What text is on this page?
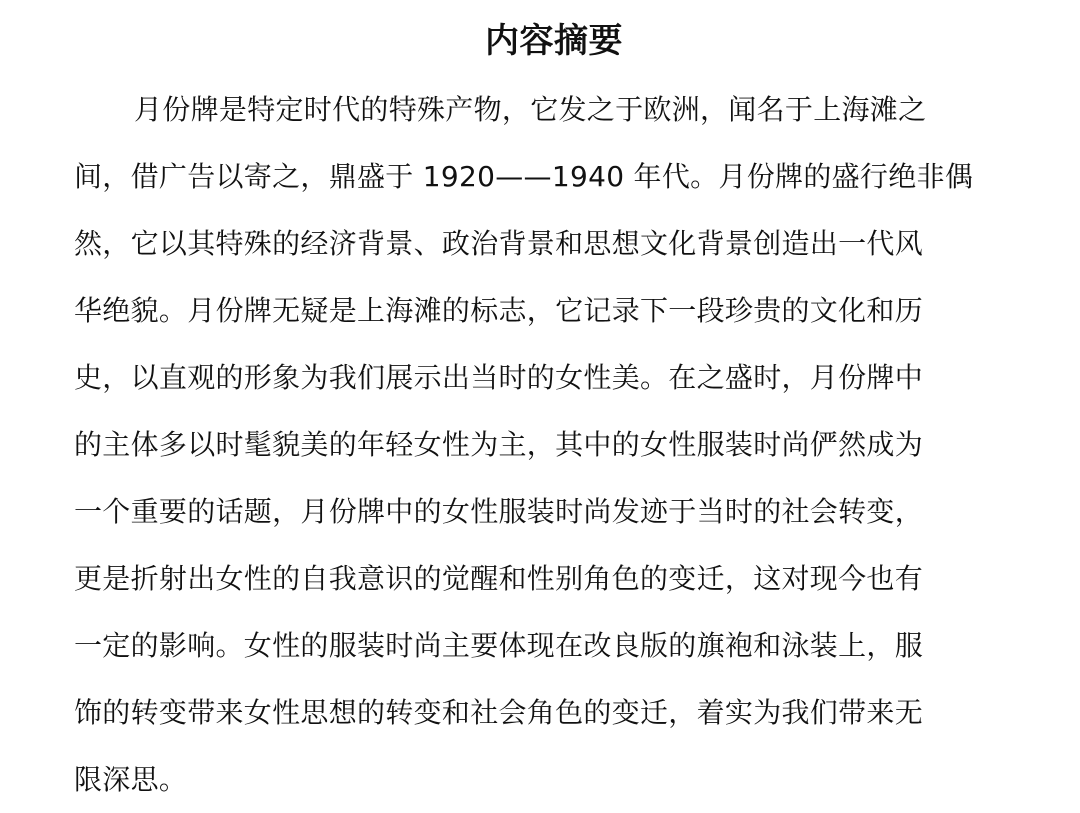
内容摘要
月份牌是特定时代的特殊产物，它发之于欧洲，闻名于上海滩之
间，借广告以寄之，鼎盛于 1920——1940 年代。月份牌的盛行绝非偶
然，它以其特殊的经济背景、政治背景和思想文化背景创造出一代风
华绝貌。月份牌无疑是上海滩的标志，它记录下一段珍贵的文化和历
史，以直观的形象为我们展示出当时的女性美。在之盛时，月份牌中
的主体多以时髦貌美的年轻女性为主，其中的女性服装时尚俨然成为
一个重要的话题，月份牌中的女性服装时尚发迹于当时的社会转变，
更是折射出女性的自我意识的觉醒和性别角色的变迁，这对现今也有
一定的影响。女性的服装时尚主要体现在改良版的旗袍和泳装上，服
饰的转变带来女性思想的转变和社会角色的变迁，着实为我们带来无
限深思。
